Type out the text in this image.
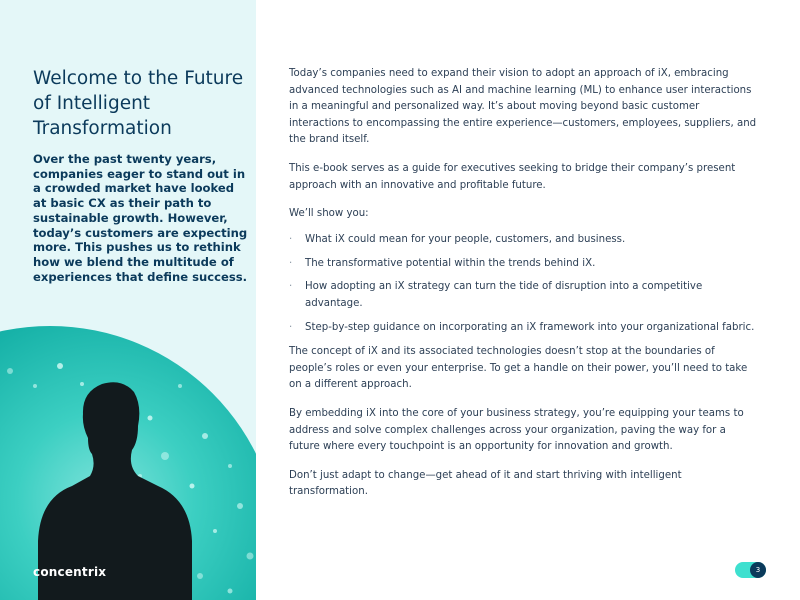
Welcome to the Future of Intelligent Transformation

Over the past twenty years, companies eager to stand out in a crowded market have looked at basic CX as their path to sustainable growth. However, today’s customers are expecting more. This pushes us to rethink how we blend the multitude of experiences that define success.

concentrix

Today’s companies need to expand their vision to adopt an approach of iX, embracing advanced technologies such as AI and machine learning (ML) to enhance user interactions in a meaningful and personalized way. It’s about moving beyond basic customer interactions to encompassing the entire experience—customers, employees, suppliers, and the brand itself.

This e-book serves as a guide for executives seeking to bridge their company’s present approach with an innovative and profitable future.

We’ll show you:

· What iX could mean for your people, customers, and business.
· The transformative potential within the trends behind iX.
· How adopting an iX strategy can turn the tide of disruption into a competitive advantage.
· Step-by-step guidance on incorporating an iX framework into your organizational fabric.

The concept of iX and its associated technologies doesn’t stop at the boundaries of people’s roles or even your enterprise. To get a handle on their power, you’ll need to take on a different approach.

By embedding iX into the core of your business strategy, you’re equipping your teams to address and solve complex challenges across your organization, paving the way for a future where every touchpoint is an opportunity for innovation and growth.

Don’t just adapt to change—get ahead of it and start thriving with intelligent transformation.

3
